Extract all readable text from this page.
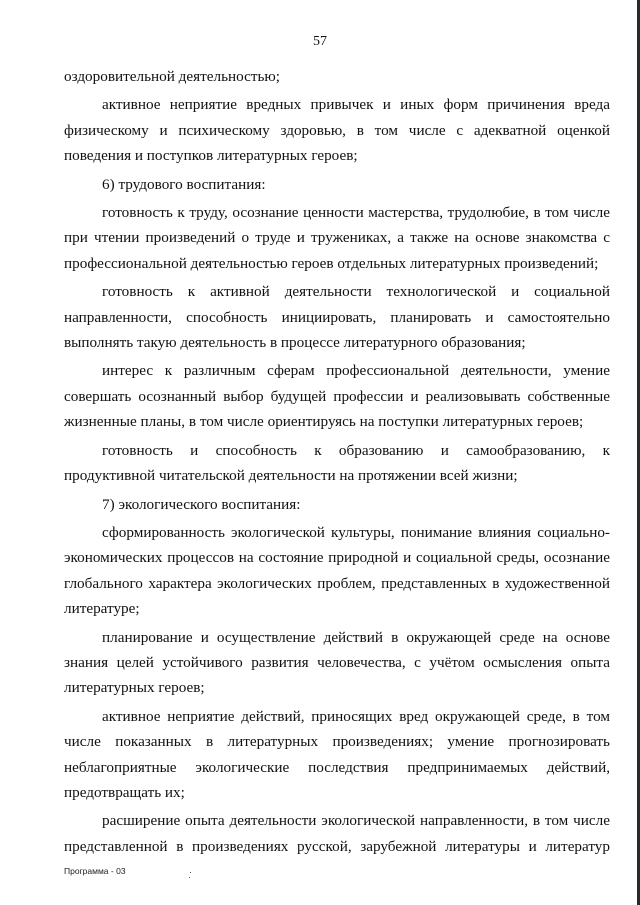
57

оздоровительной деятельностью;

активное неприятие вредных привычек и иных форм причинения вреда физическому и психическому здоровью, в том числе с адекватной оценкой поведения и поступков литературных героев;

6) трудового воспитания:

готовность к труду, осознание ценности мастерства, трудолюбие, в том числе при чтении произведений о труде и тружениках, а также на основе знакомства с профессиональной деятельностью героев отдельных литературных произведений;

готовность к активной деятельности технологической и социальной направленности, способность инициировать, планировать и самостоятельно выполнять такую деятельность в процессе литературного образования;

интерес к различным сферам профессиональной деятельности, умение совершать осознанный выбор будущей профессии и реализовывать собственные жизненные планы, в том числе ориентируясь на поступки литературных героев;

готовность и способность к образованию и самообразованию, к продуктивной читательской деятельности на протяжении всей жизни;

7) экологического воспитания:

сформированность экологической культуры, понимание влияния социально-экономических процессов на состояние природной и социальной среды, осознание глобального характера экологических проблем, представленных в художественной литературе;

планирование и осуществление действий в окружающей среде на основе знания целей устойчивого развития человечества, с учётом осмысления опыта литературных героев;

активное неприятие действий, приносящих вред окружающей среде, в том числе показанных в литературных произведениях; умение прогнозировать неблагоприятные экологические последствия предпринимаемых действий, предотвращать их;

расширение опыта деятельности экологической направленности, в том числе представленной в произведениях русской, зарубежной литературы и литератур

Программа - 03
